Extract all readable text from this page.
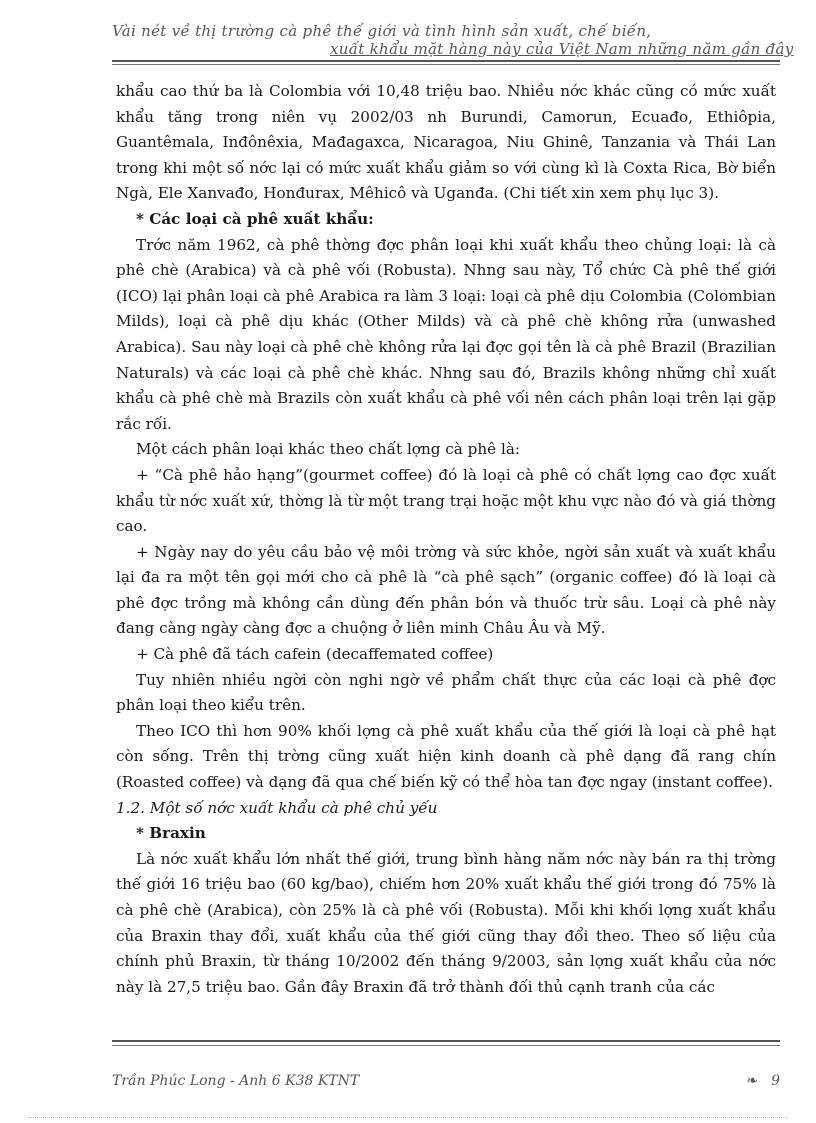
Vài nét về thị trường cà phê thế giới và tình hình sản xuất, chế biến,
xuất khẩu mặt hàng này của Việt Nam những năm gần đây

khẩu cao thứ ba là Colombia với 10,48 triệu bao. Nhiều nớc khác cũng có mức xuất khẩu tăng trong niên vụ 2002/03 nh Burundi, Camorun, Ecuađo, Ethiôpia, Guantêmala, Inđônêxia, Mađagaxca, Nicaragoa, Niu Ghinê, Tanzania và Thái Lan trong khi một số nớc lại có mức xuất khẩu giảm so với cùng kì là Coxta Rica, Bờ biển Ngà, Ele Xanvađo, Honđurax, Mêhicô và Uganđa. (Chi tiết xin xem phụ lục 3).

* Các loại cà phê xuất khẩu:

Trớc năm 1962, cà phê thờng đợc phân loại khi xuất khẩu theo chủng loại: là cà phê chè (Arabica) và cà phê vối (Robusta). Nhng sau này, Tổ chức Cà phê thế giới (ICO) lại phân loại cà phê Arabica ra làm 3 loại: loại cà phê dịu Colombia (Colombian Milds), loại cà phê dịu khác (Other Milds) và cà phê chè không rửa (unwashed Arabica). Sau này loại cà phê chè không rửa lại đợc gọi tên là cà phê Brazil (Brazilian Naturals) và các loại cà phê chè khác. Nhng sau đó, Brazils không những chỉ xuất khẩu cà phê chè mà Brazils còn xuất khẩu cà phê vối nên cách phân loại trên lại gặp rắc rối.

Một cách phân loại khác theo chất lợng cà phê là:

+ “Cà phê hảo hạng”(gourmet coffee) đó là loại cà phê có chất lợng cao đợc xuất khẩu từ nớc xuất xứ, thờng là từ một trang trại hoặc một khu vực nào đó và giá thờng cao.

+ Ngày nay do yêu cầu bảo vệ môi trờng và sức khỏe, ngời sản xuất và xuất khẩu lại đa ra một tên gọi mới cho cà phê là “cà phê sạch” (organic coffee) đó là loại cà phê đợc trồng mà không cần dùng đến phân bón và thuốc trừ sâu. Loại cà phê này đang càng ngày càng đợc a chuộng ở liên minh Châu Âu và Mỹ.

+ Cà phê đã tách cafein (decaffemated coffee)

Tuy nhiên nhiều ngời còn nghi ngờ về phẩm chất thực của các loại cà phê đợc phân loại theo kiểu trên.

Theo ICO thì hơn 90% khối lợng cà phê xuất khẩu của thế giới là loại cà phê hạt còn sống. Trên thị trờng cũng xuất hiện kinh doanh cà phê dạng đã rang chín (Roasted coffee) và dạng đã qua chế biến kỹ có thể hòa tan đợc ngay (instant coffee).

1.2. Một số nớc xuất khẩu cà phê chủ yếu

* Braxin

Là nớc xuất khẩu lớn nhất thế giới, trung bình hàng năm nớc này bán ra thị trờng thế giới 16 triệu bao (60 kg/bao), chiếm hơn 20% xuất khẩu thế giới trong đó 75% là cà phê chè (Arabica), còn 25% là cà phê vối (Robusta). Mỗi khi khối lợng xuất khẩu của Braxin thay đổi, xuất khẩu của thế giới cũng thay đổi theo. Theo số liệu của chính phủ Braxin, từ tháng 10/2002 đến tháng 9/2003, sản lợng xuất khẩu của nớc này là 27,5 triệu bao. Gần đây Braxin đã trở thành đối thủ cạnh tranh của các

Trần Phúc Long - Anh 6 K38 KTNT	❧ 9
